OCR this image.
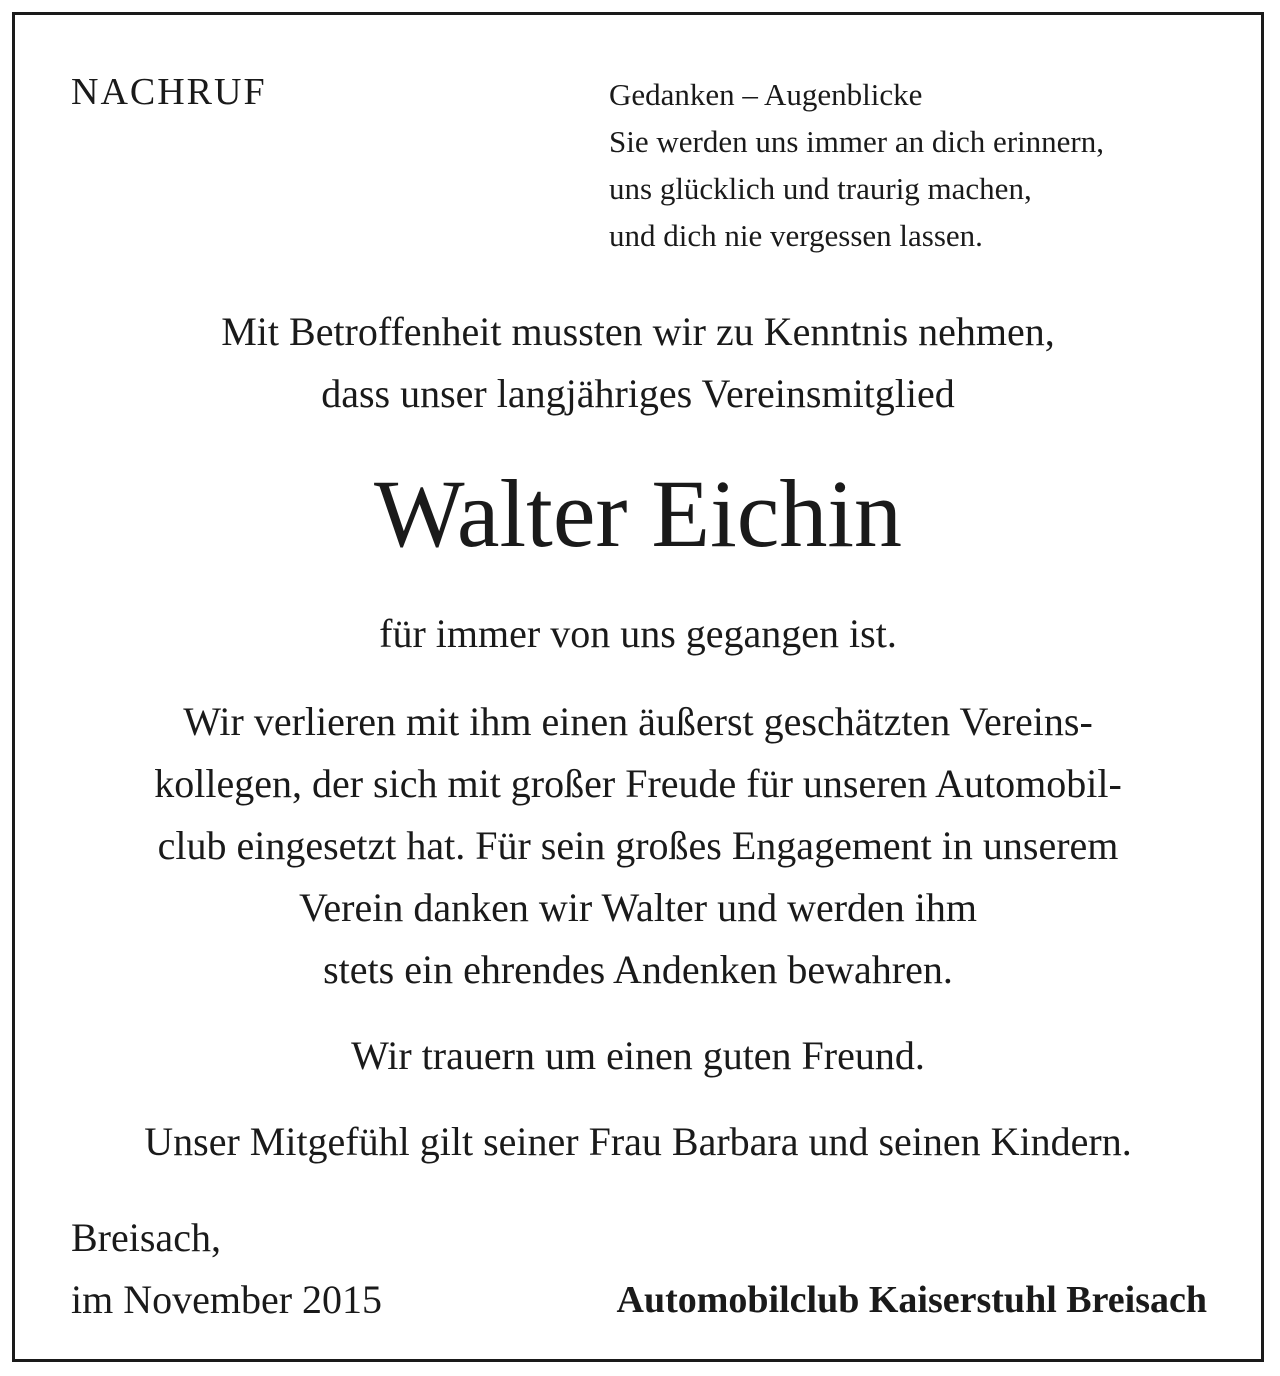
NACHRUF	Gedanken – Augenblicke
Sie werden uns immer an dich erinnern,
uns glücklich und traurig machen,
und dich nie vergessen lassen.
Mit Betroffenheit mussten wir zu Kenntnis nehmen,
dass unser langjähriges Vereinsmitglied
Walter Eichin
für immer von uns gegangen ist.
Wir verlieren mit ihm einen äußerst geschätzten Vereins-
kollegen, der sich mit großer Freude für unseren Automobil-
club eingesetzt hat. Für sein großes Engagement in unserem
Verein danken wir Walter und werden ihm
stets ein ehrendes Andenken bewahren.
Wir trauern um einen guten Freund.
Unser Mitgefühl gilt seiner Frau Barbara und seinen Kindern.
Breisach,
im November 2015	Automobilclub Kaiserstuhl Breisach
